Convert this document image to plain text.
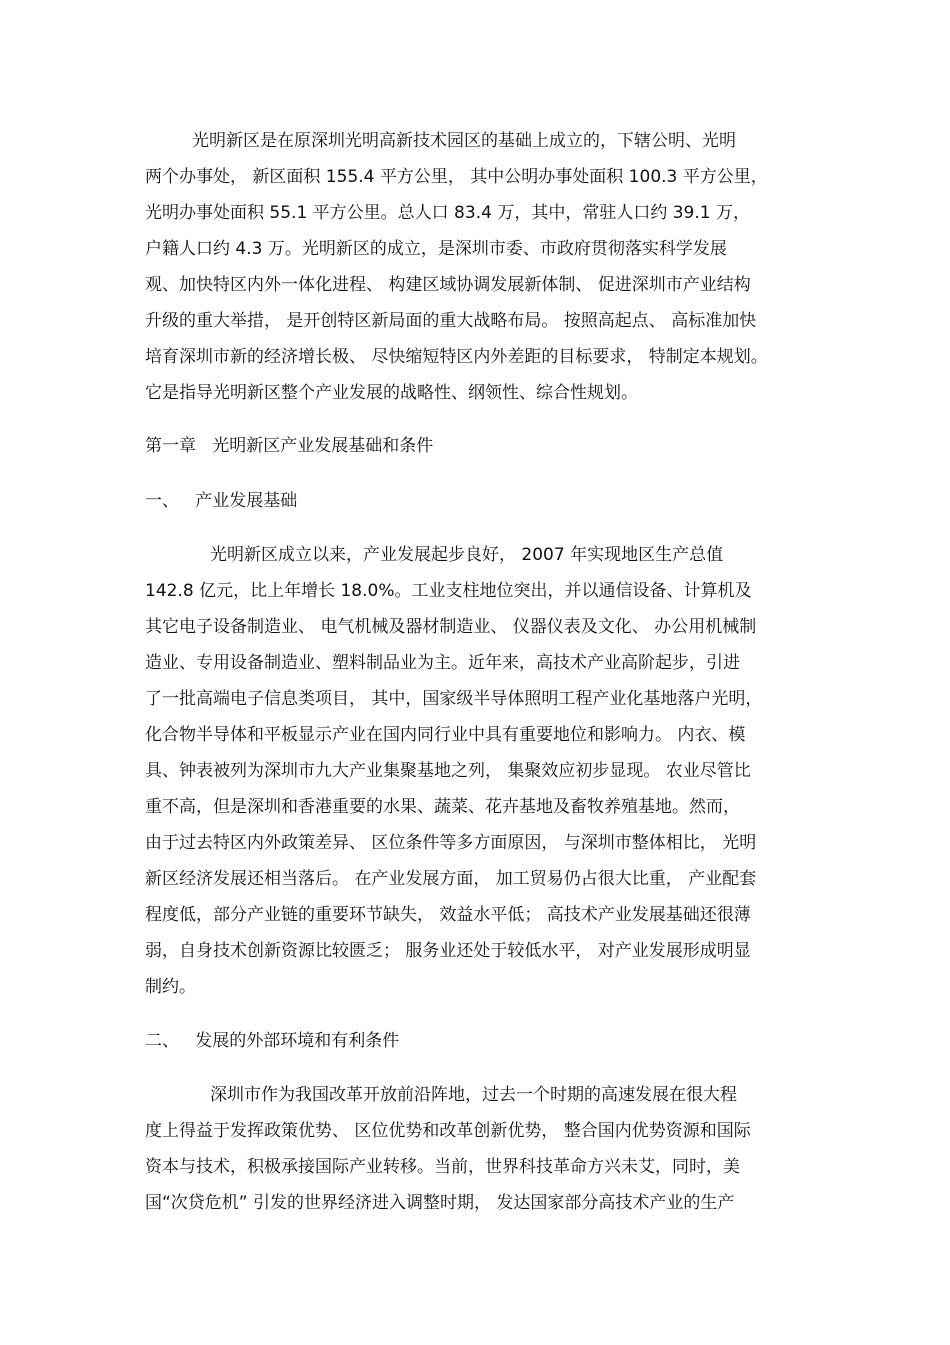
光明新区是在原深圳光明高新技术园区的基础上成立的，下辖公明、光明
两个办事处， 新区面积 155.4 平方公里， 其中公明办事处面积 100.3 平方公里，
光明办事处面积 55.1 平方公里。总人口 83.4 万，其中，常驻人口约 39.1 万，
户籍人口约 4.3 万。光明新区的成立，是深圳市委、市政府贯彻落实科学发展
观、加快特区内外一体化进程、 构建区域协调发展新体制、 促进深圳市产业结构
升级的重大举措， 是开创特区新局面的重大战略布局。 按照高起点、 高标准加快
培育深圳市新的经济增长极、 尽快缩短特区内外差距的目标要求， 特制定本规划。
它是指导光明新区整个产业发展的战略性、纲领性、综合性规划。
第一章   光明新区产业发展基础和条件
一、   产业发展基础
光明新区成立以来，产业发展起步良好， 2007 年实现地区生产总值
142.8 亿元，比上年增长 18.0%。工业支柱地位突出，并以通信设备、计算机及
其它电子设备制造业、 电气机械及器材制造业、 仪器仪表及文化、 办公用机械制
造业、专用设备制造业、塑料制品业为主。近年来，高技术产业高阶起步，引进
了一批高端电子信息类项目， 其中，国家级半导体照明工程产业化基地落户光明，
化合物半导体和平板显示产业在国内同行业中具有重要地位和影响力。 内衣、模
具、钟表被列为深圳市九大产业集聚基地之列， 集聚效应初步显现。 农业尽管比
重不高，但是深圳和香港重要的水果、蔬菜、花卉基地及畜牧养殖基地。然而，
由于过去特区内外政策差异、 区位条件等多方面原因， 与深圳市整体相比， 光明
新区经济发展还相当落后。 在产业发展方面， 加工贸易仍占很大比重， 产业配套
程度低，部分产业链的重要环节缺失， 效益水平低； 高技术产业发展基础还很薄
弱，自身技术创新资源比较匮乏； 服务业还处于较低水平， 对产业发展形成明显
制约。
二、   发展的外部环境和有利条件
深圳市作为我国改革开放前沿阵地，过去一个时期的高速发展在很大程
度上得益于发挥政策优势、 区位优势和改革创新优势， 整合国内优势资源和国际
资本与技术，积极承接国际产业转移。当前，世界科技革命方兴未艾，同时，美
国“次贷危机” 引发的世界经济进入调整时期， 发达国家部分高技术产业的生产
